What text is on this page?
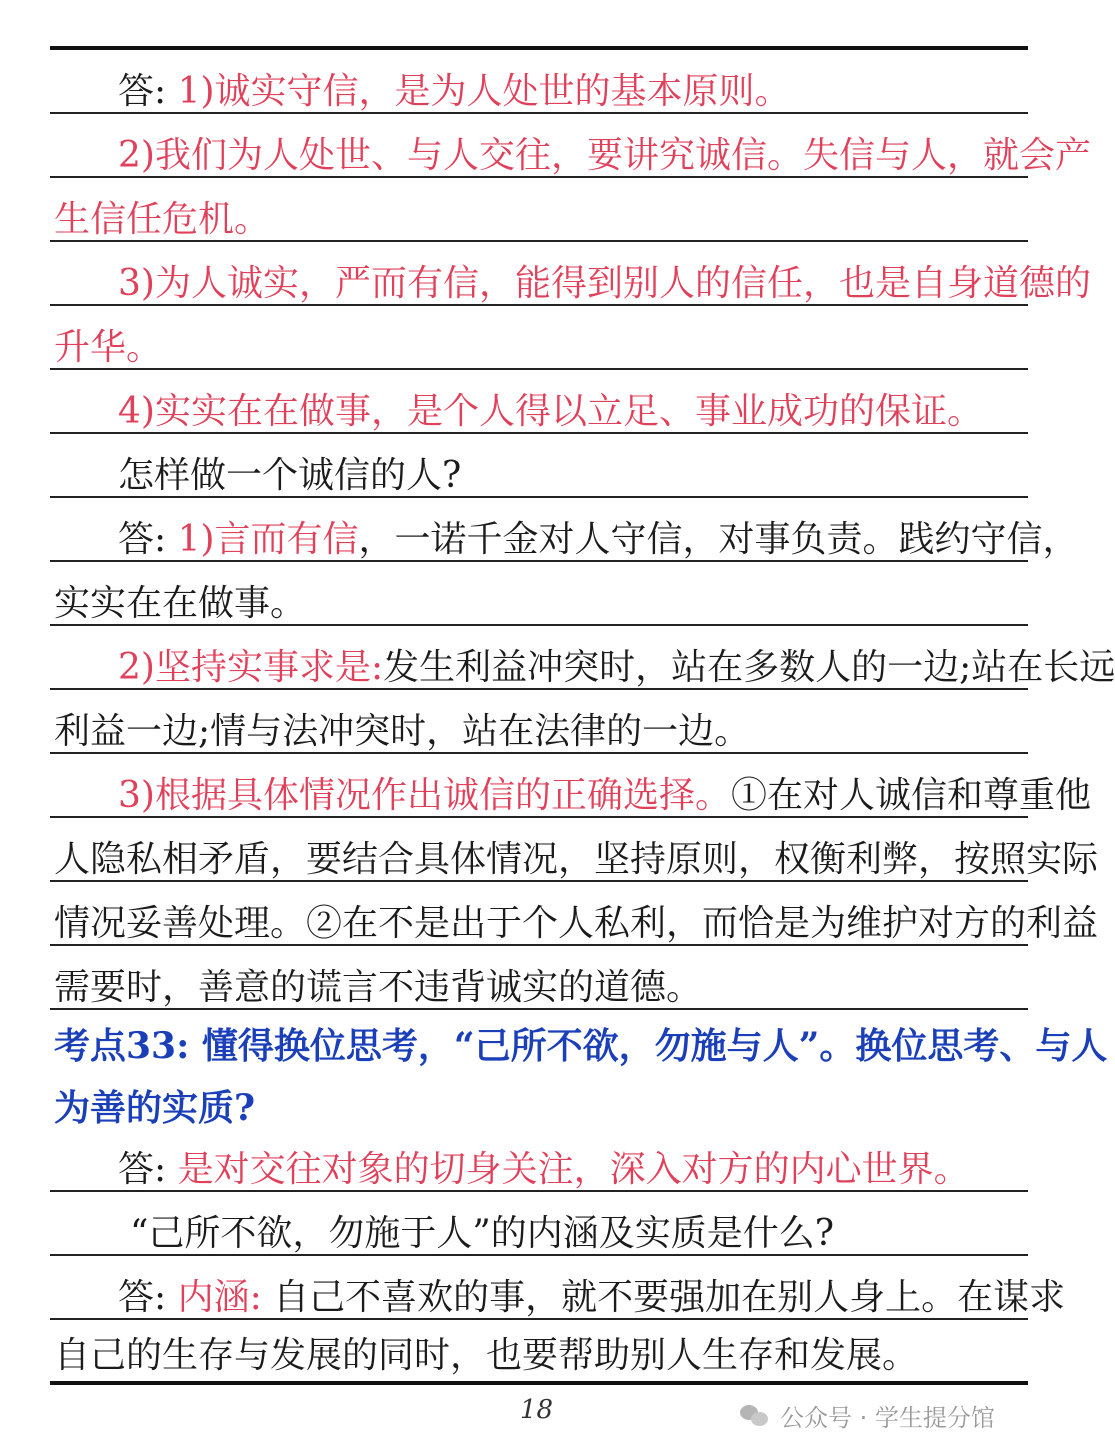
答: 1)诚实守信，是为人处世的基本原则。
2)我们为人处世、与人交往，要讲究诚信。失信与人，就会产
生信任危机。
3)为人诚实，严而有信，能得到别人的信任，也是自身道德的
升华。
4)实实在在做事，是个人得以立足、事业成功的保证。
怎样做一个诚信的人?
答: 1)言而有信，一诺千金对人守信，对事负责。践约守信，
实实在在做事。
2)坚持实事求是:发生利益冲突时，站在多数人的一边;站在长远
利益一边;情与法冲突时，站在法律的一边。
3)根据具体情况作出诚信的正确选择。①在对人诚信和尊重他
人隐私相矛盾，要结合具体情况，坚持原则，权衡利弊，按照实际
情况妥善处理。②在不是出于个人私利，而恰是为维护对方的利益
需要时，善意的谎言不违背诚实的道德。
考点33: 懂得换位思考，“己所不欲，勿施与人”。换位思考、与人
为善的实质?
答: 是对交往对象的切身关注，深入对方的内心世界。
“己所不欲，勿施于人”的内涵及实质是什么?
答: 内涵: 自己不喜欢的事，就不要强加在别人身上。在谋求
自己的生存与发展的同时，也要帮助别人生存和发展。
18	公众号 · 学生提分馆
